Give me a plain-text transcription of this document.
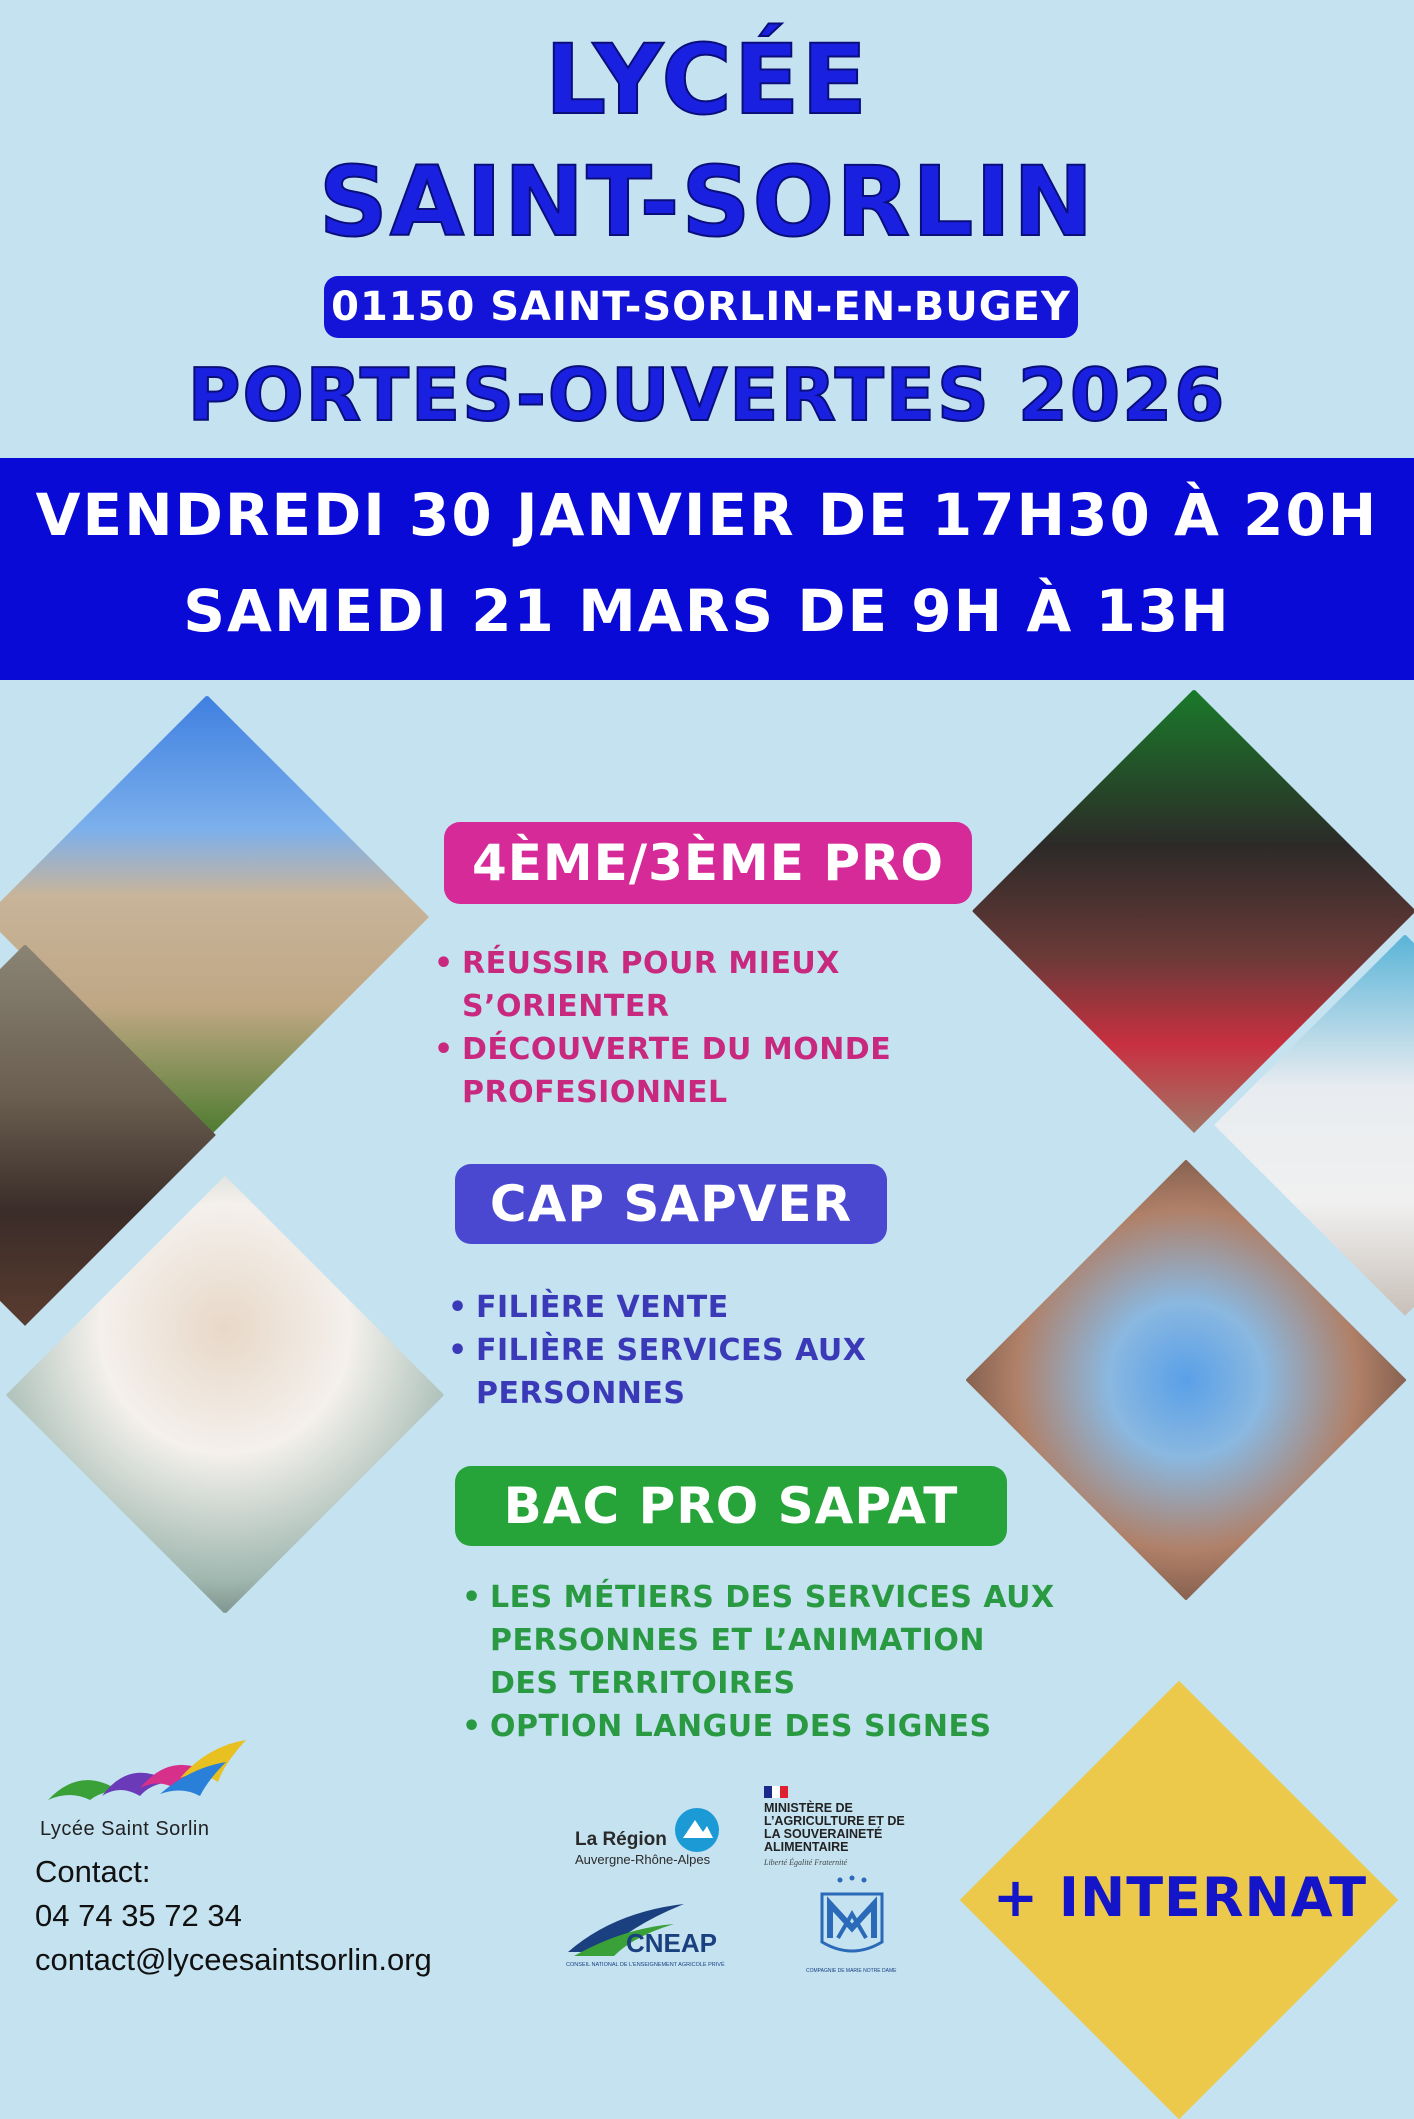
LYCÉE
SAINT-SORLIN
01150 SAINT-SORLIN-EN-BUGEY
PORTES-OUVERTES 2026
VENDREDI 30 JANVIER DE 17H30 À 20H
SAMEDI 21 MARS DE 9H À 13H
4ÈME/3ÈME PRO
• RÉUSSIR POUR MIEUX S’ORIENTER
• DÉCOUVERTE DU MONDE PROFESIONNEL
CAP SAPVER
• FILIÈRE VENTE
• FILIÈRE SERVICES AUX PERSONNES
BAC PRO SAPAT
• LES MÉTIERS DES SERVICES AUX PERSONNES ET L’ANIMATION DES TERRITOIRES
• OPTION LANGUE DES SIGNES
+ INTERNAT
Lycée Saint Sorlin
Contact:
04 74 35 72 34
contact@lyceesaintsorlin.org
La Région
Auvergne-Rhône-Alpes
MINISTÈRE DE L’AGRICULTURE ET DE LA SOUVERAINETÉ ALIMENTAIRE
Liberté Égalité Fraternité
CNEAP
CONSEIL NATIONAL DE L’ENSEIGNEMENT AGRICOLE PRIVÉ
COMPAGNIE DE MARIE NOTRE DAME
